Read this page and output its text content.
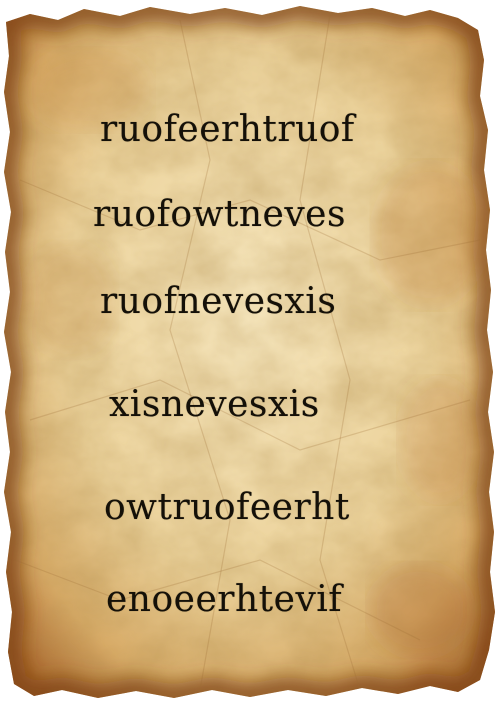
ruofeerhtruof

ruofowtneves

ruofnevesxis

xisnevesxis

owtruofeerht

enoeerhtevif
